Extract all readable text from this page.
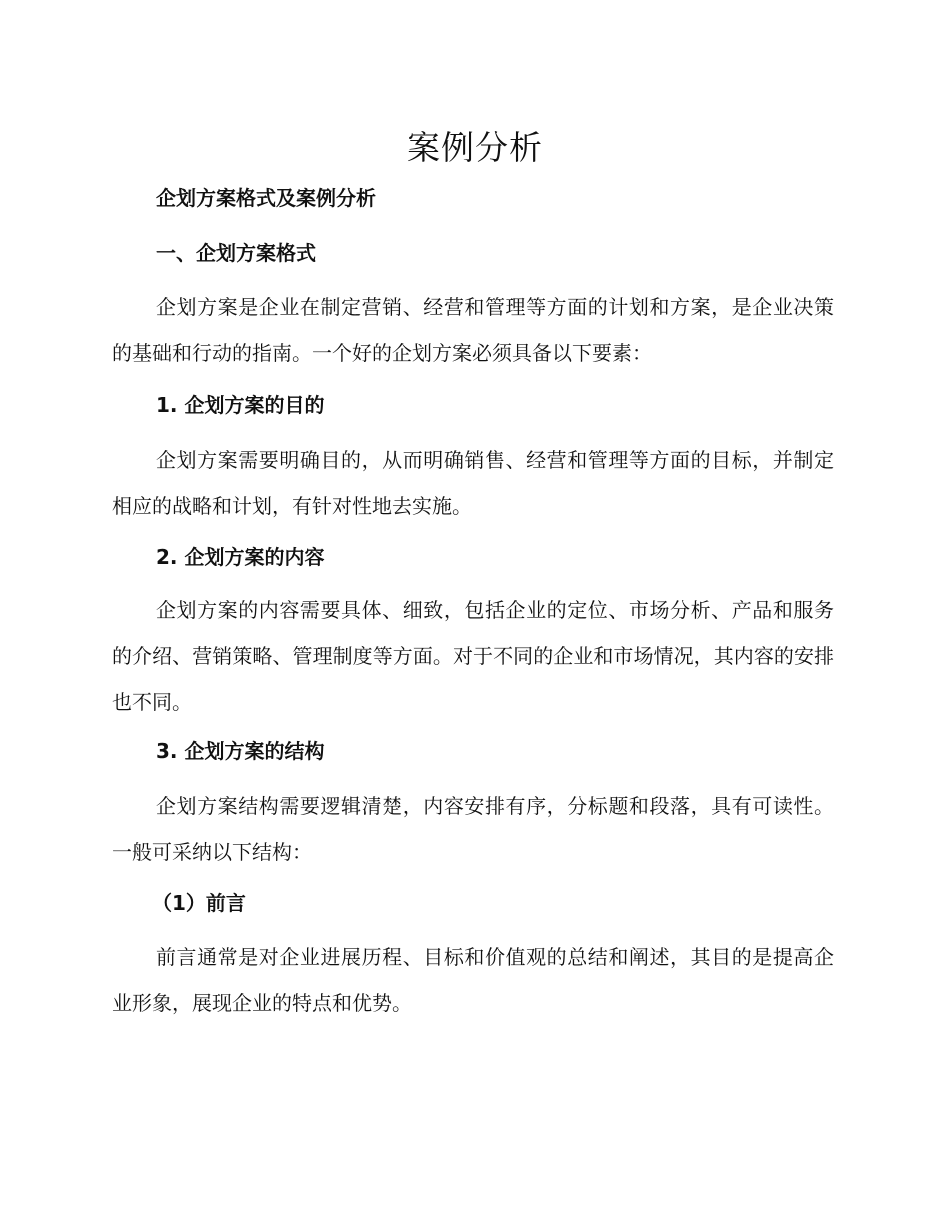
案例分析
企划方案格式及案例分析
一、企划方案格式

企划方案是企业在制定营销、经营和管理等方面的计划和方案，是企业决策的基础和行动的指南。一个好的企划方案必须具备以下要素：

1. 企划方案的目的

企划方案需要明确目的，从而明确销售、经营和管理等方面的目标，并制定相应的战略和计划，有针对性地去实施。

2. 企划方案的内容

企划方案的内容需要具体、细致，包括企业的定位、市场分析、产品和服务的介绍、营销策略、管理制度等方面。对于不同的企业和市场情况，其内容的安排也不同。

3. 企划方案的结构

企划方案结构需要逻辑清楚，内容安排有序，分标题和段落，具有可读性。一般可采纳以下结构：

（1）前言

前言通常是对企业进展历程、目标和价值观的总结和阐述，其目的是提高企业形象，展现企业的特点和优势。
